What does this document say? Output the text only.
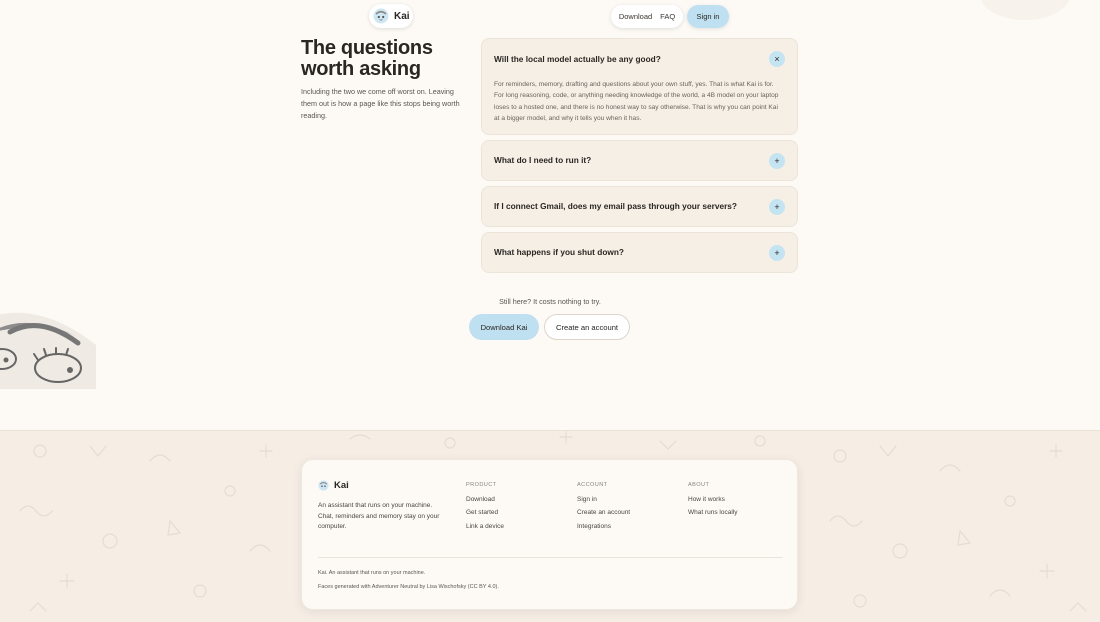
Kai	Download FAQ	Sign in
The questions worth asking

Including the two we come off worst on. Leaving them out is how a page like this stops being worth reading.

Will the local model actually be any good?	×

For reminders, memory, drafting and questions about your own stuff, yes. That is what Kai is for. For long reasoning, code, or anything needing knowledge of the world, a 4B model on your laptop loses to a hosted one, and there is no honest way to say otherwise. That is why you can point Kai at a bigger model, and why it tells you when it has.

What do I need to run it?	+
If I connect Gmail, does my email pass through your servers?	+
What happens if you shut down?	+

Still here? It costs nothing to try.

Download Kai	Create an account
Kai

An assistant that runs on your machine. Chat, reminders and memory stay on your computer.

PRODUCT
Download
Get started
Link a device
ACCOUNT
Sign in
Create an account
Integrations
ABOUT
How it works
What runs locally

Kai. An assistant that runs on your machine.

Faces generated with Adventurer Neutral by Lisa Wischofsky (CC BY 4.0).
